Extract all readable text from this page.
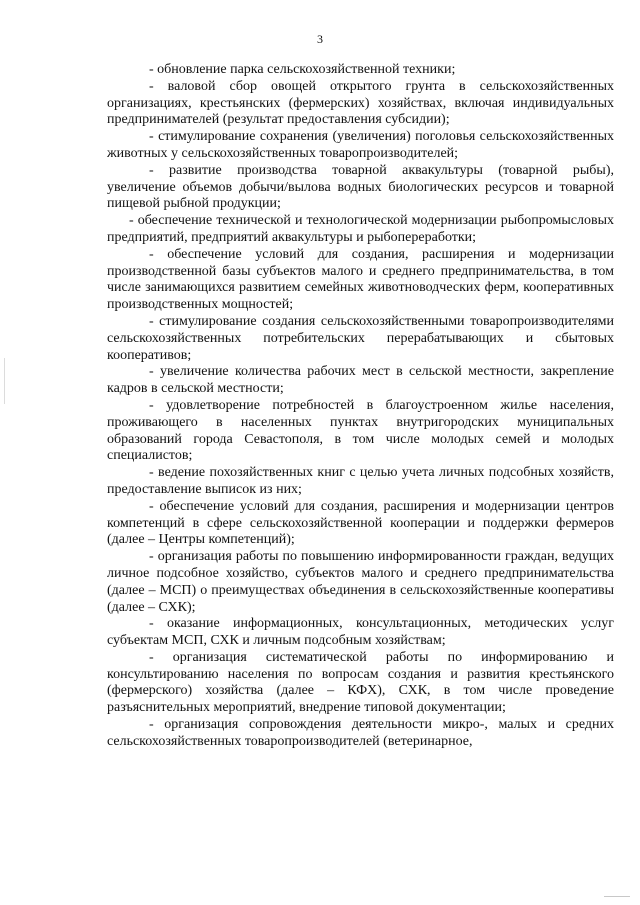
3

- обновление парка сельскохозяйственной техники;

- валовой сбор овощей открытого грунта в сельскохозяйственных организациях, крестьянских (фермерских) хозяйствах, включая индивидуальных предпринимателей (результат предоставления субсидии);

- стимулирование сохранения (увеличения) поголовья сельскохозяйственных животных у сельскохозяйственных товаропроизводителей;

- развитие производства товарной аквакультуры (товарной рыбы), увеличение объемов добычи/вылова водных биологических ресурсов и товарной пищевой рыбной продукции;

- обеспечение технической и технологической модернизации рыбопромысловых предприятий, предприятий аквакультуры и рыбопереработки;

- обеспечение условий для создания, расширения и модернизации производственной базы субъектов малого и среднего предпринимательства, в том числе занимающихся развитием семейных животноводческих ферм, кооперативных производственных мощностей;

- стимулирование создания сельскохозяйственными товаропроизводителями сельскохозяйственных потребительских перерабатывающих и сбытовых кооперативов;

- увеличение количества рабочих мест в сельской местности, закрепление кадров в сельской местности;

- удовлетворение потребностей в благоустроенном жилье населения, проживающего в населенных пунктах внутригородских муниципальных образований города Севастополя, в том числе молодых семей и молодых специалистов;

- ведение похозяйственных книг с целью учета личных подсобных хозяйств, предоставление выписок из них;

- обеспечение условий для создания, расширения и модернизации центров компетенций в сфере сельскохозяйственной кооперации и поддержки фермеров (далее – Центры компетенций);

- организация работы по повышению информированности граждан, ведущих личное подсобное хозяйство, субъектов малого и среднего предпринимательства (далее – МСП) о преимуществах объединения в сельскохозяйственные кооперативы (далее – СХК);

- оказание информационных, консультационных, методических услуг субъектам МСП, СХК и личным подсобным хозяйствам;

- организация систематической работы по информированию и консультированию населения по вопросам создания и развития крестьянского (фермерского) хозяйства (далее – КФХ), СХК, в том числе проведение разъяснительных мероприятий, внедрение типовой документации;

- организация сопровождения деятельности микро-, малых и средних сельскохозяйственных товаропроизводителей (ветеринарное,
